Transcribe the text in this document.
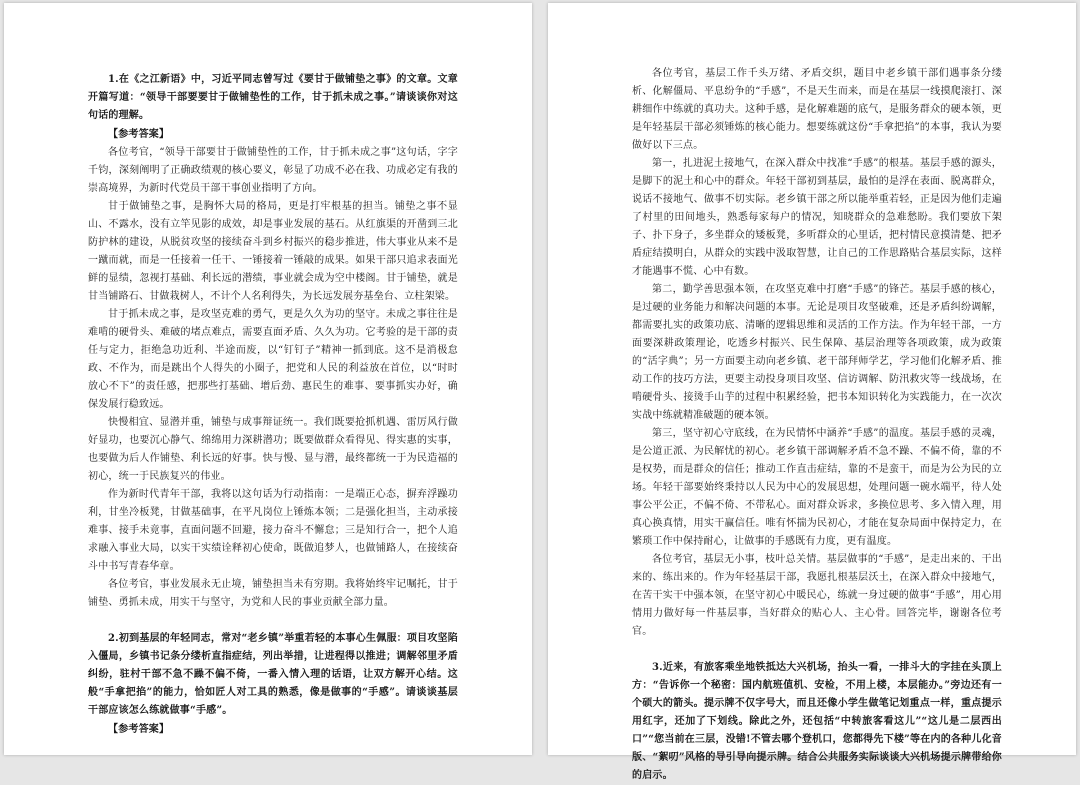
1.在《之江新语》中，习近平同志曾写过《要甘于做铺垫之事》的文章。文章开篇写道：“领导干部要要甘于做铺垫性的工作，甘于抓未成之事。”请谈谈你对这句话的理解。

【参考答案】

各位考官，“领导干部要甘于做铺垫性的工作，甘于抓未成之事”这句话，字字千钧，深刻阐明了正确政绩观的核心要义，彰显了功成不必在我、功成必定有我的崇高境界，为新时代党员干部干事创业指明了方向。

甘于做铺垫之事，是胸怀大局的格局，更是打牢根基的担当。铺垫之事不显山、不露水，没有立竿见影的成效，却是事业发展的基石。从红旗渠的开凿到三北防护林的建设，从脱贫攻坚的接续奋斗到乡村振兴的稳步推进，伟大事业从来不是一蹴而就，而是一任接着一任干、一锤接着一锤敲的成果。如果干部只追求表面光鲜的显绩，忽视打基础、利长远的潜绩，事业就会成为空中楼阁。甘于铺垫，就是甘当铺路石、甘做栽树人，不计个人名利得失，为长远发展夯基垒台、立柱架梁。

甘于抓未成之事，是攻坚克难的勇气，更是久久为功的坚守。未成之事往往是难啃的硬骨头、难破的堵点难点，需要直面矛盾、久久为功。它考验的是干部的责任与定力，拒绝急功近利、半途而废，以“钉钉子”精神一抓到底。这不是消极怠政、不作为，而是跳出个人得失的小圈子，把党和人民的利益放在首位，以“时时放心不下”的责任感，把那些打基础、增后劲、惠民生的难事、要事抓实办好，确保发展行稳致远。

快慢相宜、显潜并重，铺垫与成事辩证统一。我们既要抢抓机遇、雷厉风行做好显功，也要沉心静气、绵绵用力深耕潜功；既要做群众看得见、得实惠的实事，也要做为后人作铺垫、利长远的好事。快与慢、显与潜，最终都统一于为民造福的初心，统一于民族复兴的伟业。

作为新时代青年干部，我将以这句话为行动指南：一是端正心态，摒弃浮躁功利，甘坐冷板凳，甘做基础事，在平凡岗位上锤炼本领；二是强化担当，主动承接难事、接手未竟事，直面问题不回避，接力奋斗不懈怠；三是知行合一，把个人追求融入事业大局，以实干实绩诠释初心使命，既做追梦人，也做铺路人，在接续奋斗中书写青春华章。

各位考官，事业发展永无止境，铺垫担当未有穷期。我将始终牢记嘱托，甘于铺垫、勇抓未成，用实干与坚守，为党和人民的事业贡献全部力量。

2.初到基层的年轻同志，常对“老乡镇”举重若轻的本事心生佩服：项目攻坚陷入僵局，乡镇书记条分缕析直指症结，列出举措，让进程得以推进；调解邻里矛盾纠纷，驻村干部不急不躁不偏不倚，一番入情入理的话语，让双方解开心结。这般“手拿把掐”的能力，恰如匠人对工具的熟悉，像是做事的“手感”。请谈谈基层干部应该怎么练就做事“手感”。

【参考答案】

各位考官，基层工作千头万绪、矛盾交织，题目中老乡镇干部们遇事条分缕析、化解僵局、平息纷争的“手感”，不是天生而来，而是在基层一线摸爬滚打、深耕细作中练就的真功夫。这种手感，是化解难题的底气，是服务群众的硬本领，更是年轻基层干部必须锤炼的核心能力。想要练就这份“手拿把掐”的本事，我认为要做好以下三点。

第一，扎进泥土接地气，在深入群众中找准“手感”的根基。基层手感的源头，是脚下的泥土和心中的群众。年轻干部初到基层，最怕的是浮在表面、脱离群众，说话不接地气、做事不切实际。老乡镇干部之所以能举重若轻，正是因为他们走遍了村里的田间地头，熟悉每家每户的情况，知晓群众的急难愁盼。我们要放下架子、扑下身子，多坐群众的矮板凳，多听群众的心里话，把村情民意摸清楚、把矛盾症结摸明白，从群众的实践中汲取智慧，让自己的工作思路贴合基层实际，这样才能遇事不慌、心中有数。

第二，勤学善思强本领，在攻坚克难中打磨“手感”的锋芒。基层手感的核心，是过硬的业务能力和解决问题的本事。无论是项目攻坚破难，还是矛盾纠纷调解，都需要扎实的政策功底、清晰的逻辑思维和灵活的工作方法。作为年轻干部，一方面要深耕政策理论，吃透乡村振兴、民生保障、基层治理等各项政策，成为政策的“活字典”；另一方面要主动向老乡镇、老干部拜师学艺，学习他们化解矛盾、推动工作的技巧方法，更要主动投身项目攻坚、信访调解、防汛救灾等一线战场，在啃硬骨头、接烫手山芋的过程中积累经验，把书本知识转化为实践能力，在一次次实战中练就精准破题的硬本领。

第三，坚守初心守底线，在为民情怀中涵养“手感”的温度。基层手感的灵魂，是公道正派、为民解忧的初心。老乡镇干部调解矛盾不急不躁、不偏不倚，靠的不是权势，而是群众的信任；推动工作直击症结，靠的不是蛮干，而是为公为民的立场。年轻干部要始终秉持以人民为中心的发展思想，处理问题一碗水端平，待人处事公平公正，不偏不倚、不带私心。面对群众诉求，多换位思考、多入情入理，用真心换真情，用实干赢信任。唯有怀揣为民初心，才能在复杂局面中保持定力，在繁琐工作中保持耐心，让做事的手感既有力度，更有温度。

各位考官，基层无小事，枝叶总关情。基层做事的“手感”，是走出来的、干出来的、练出来的。作为年轻基层干部，我愿扎根基层沃土，在深入群众中接地气，在苦干实干中强本领，在坚守初心中暖民心，练就一身过硬的做事“手感”，用心用情用力做好每一件基层事，当好群众的贴心人、主心骨。回答完毕，谢谢各位考官。

3.近来，有旅客乘坐地铁抵达大兴机场，抬头一看，一排斗大的字挂在头顶上方：“告诉你一个秘密：国内航班值机、安检，不用上楼，本层能办。”旁边还有一个硕大的箭头。提示牌不仅字号大，而且还像小学生做笔记划重点一样，重点提示用红字，还加了下划线。除此之外，还包括“中转旅客看这儿”“这儿是二层西出口”“您当前在三层，没错!不管去哪个登机口，您都得先下楼”等在内的各种儿化音版、“絮叨”风格的导引导向提示牌。结合公共服务实际谈谈大兴机场提示牌带给你的启示。
